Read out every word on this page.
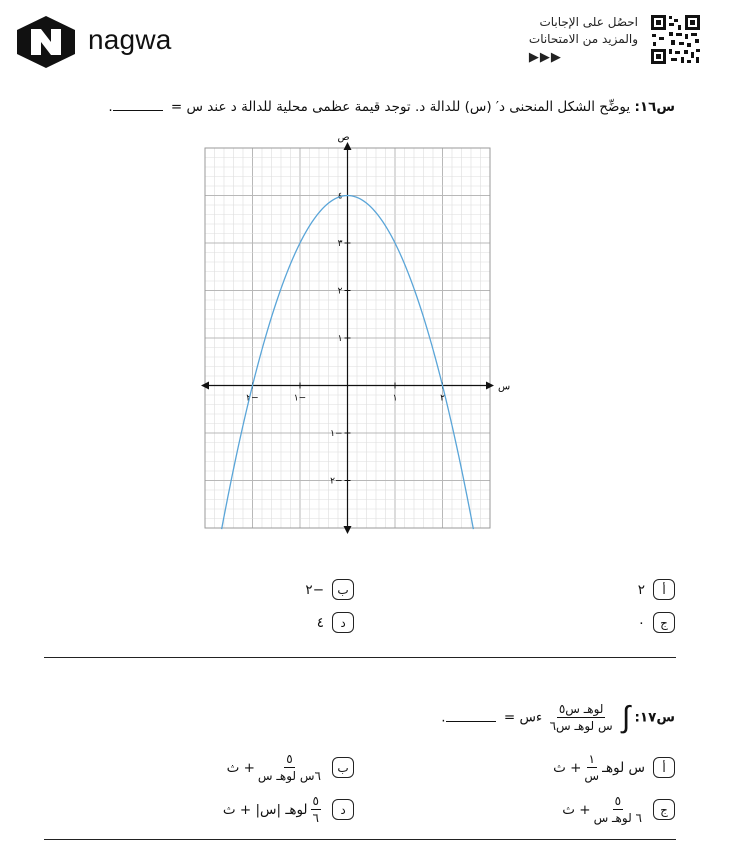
nagwa
احصُل على الإجابات
والمزيد من الامتحانات
▶▶▶
س١٦: يوضِّح الشكل المنحنى د′ (س) للدالة د. توجد قيمة عظمى محلية للدالة د عند س = .
س
ص
٢−	١−	١	٢
٤
٣
٢
١
١−
٢−
أ
٢
ب
−٢
ج
٠
د
٤
س١٧: ∫
$\frac{\text{لو‌هـ س٥}}{\text{س لو‌هـ س٦}}$
ءس = .
أ
س لو‌هـ
$\frac{١}{\text{س}}$
+ ث
ب
$\frac{٥}{\text{٦س لو‌هـ س}}$
+ ث
ج
$\frac{٥}{\text{٦ لو‌هـ س}}$
+ ث
د
$\frac{٥}{٦}$
لو‌هـ |س| + ث
